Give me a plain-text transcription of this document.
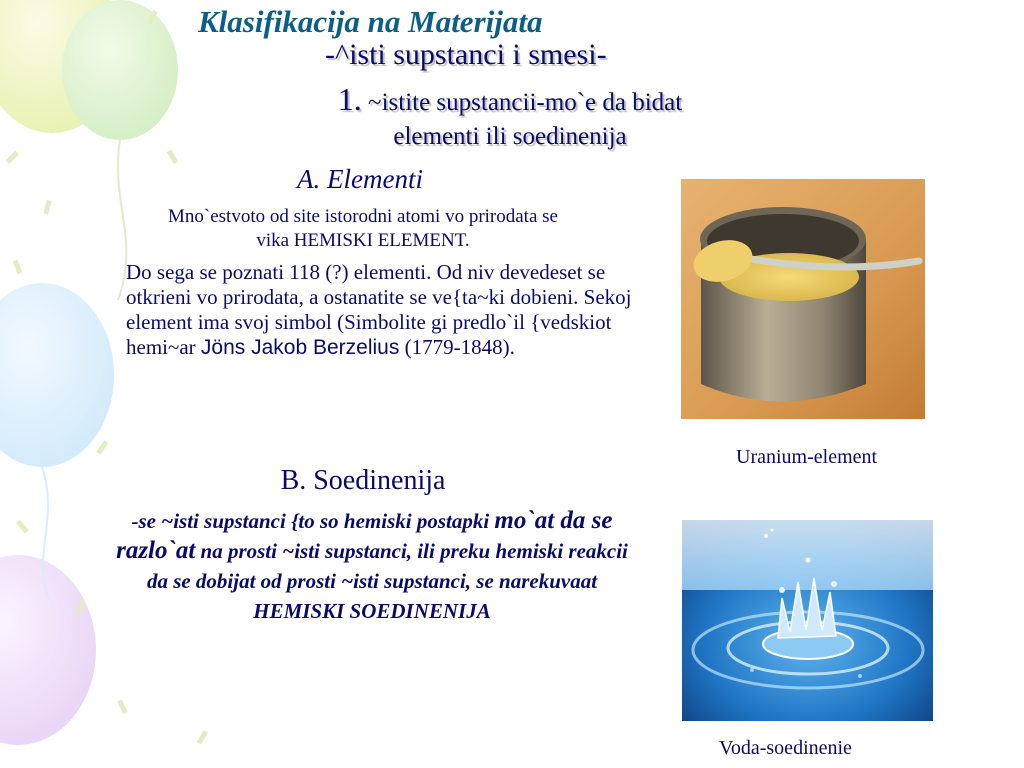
Klasifikacija na Materijata
-^isti supstanci i smesi-
1. ~istite supstancii-mo`e da bidat
elementi ili soedinenija
A. Elementi
Mno`estvoto od site istorodni atomi vo prirodata se
vika HEMISKI ELEMENT.
Do sega se poznati 118 (?) elementi. Od niv devedeset se otkrieni vo prirodata, a ostanatite se ve{ta~ki dobieni. Sekoj element ima svoj simbol (Simbolite gi predlo`il {vedskiot hemi~ar Jöns Jakob Berzelius (1779-1848).
B. Soedinenija
-se ~isti supstanci {to so hemiski postapki mo`at da se razlo`at na prosti ~isti supstanci, ili preku hemiski reakcii da se dobijat od prosti ~isti supstanci, se narekuvaat HEMISKI SOEDINENIJA
Uranium-element
Voda-soedinenie
